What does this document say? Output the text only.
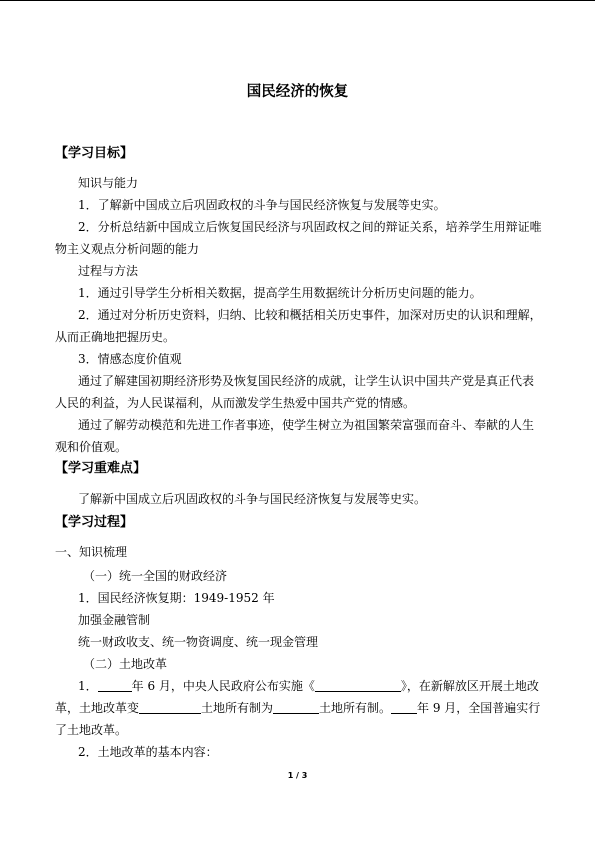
国民经济的恢复
【学习目标】
知识与能力
1．了解新中国成立后巩固政权的斗争与国民经济恢复与发展等史实。
2．分析总结新中国成立后恢复国民经济与巩固政权之间的辩证关系，培养学生用辩证唯
物主义观点分析问题的能力
过程与方法
1．通过引导学生分析相关数据，提高学生用数据统计分析历史问题的能力。
2．通过对分析历史资料，归纳、比较和概括相关历史事件，加深对历史的认识和理解，
从而正确地把握历史。
3．情感态度价值观
通过了解建国初期经济形势及恢复国民经济的成就，让学生认识中国共产党是真正代表
人民的利益，为人民谋福利，从而激发学生热爱中国共产党的情感。
通过了解劳动模范和先进工作者事迹，使学生树立为祖国繁荣富强而奋斗、奉献的人生
观和价值观。
【学习重难点】
了解新中国成立后巩固政权的斗争与国民经济恢复与发展等史实。
【学习过程】
一、知识梳理
（一）统一全国的财政经济
1．国民经济恢复期：1949-1952 年
加强金融管制
统一财政收支、统一物资调度、统一现金管理
（二）土地改革
1．	年 6 月，中央人民政府公布实施《	》，在新解放区开展土地改
革，土地改革变	土地所有制为	土地所有制。 年 9 月，全国普遍实行
了土地改革。
2．土地改革的基本内容：
1 / 3
